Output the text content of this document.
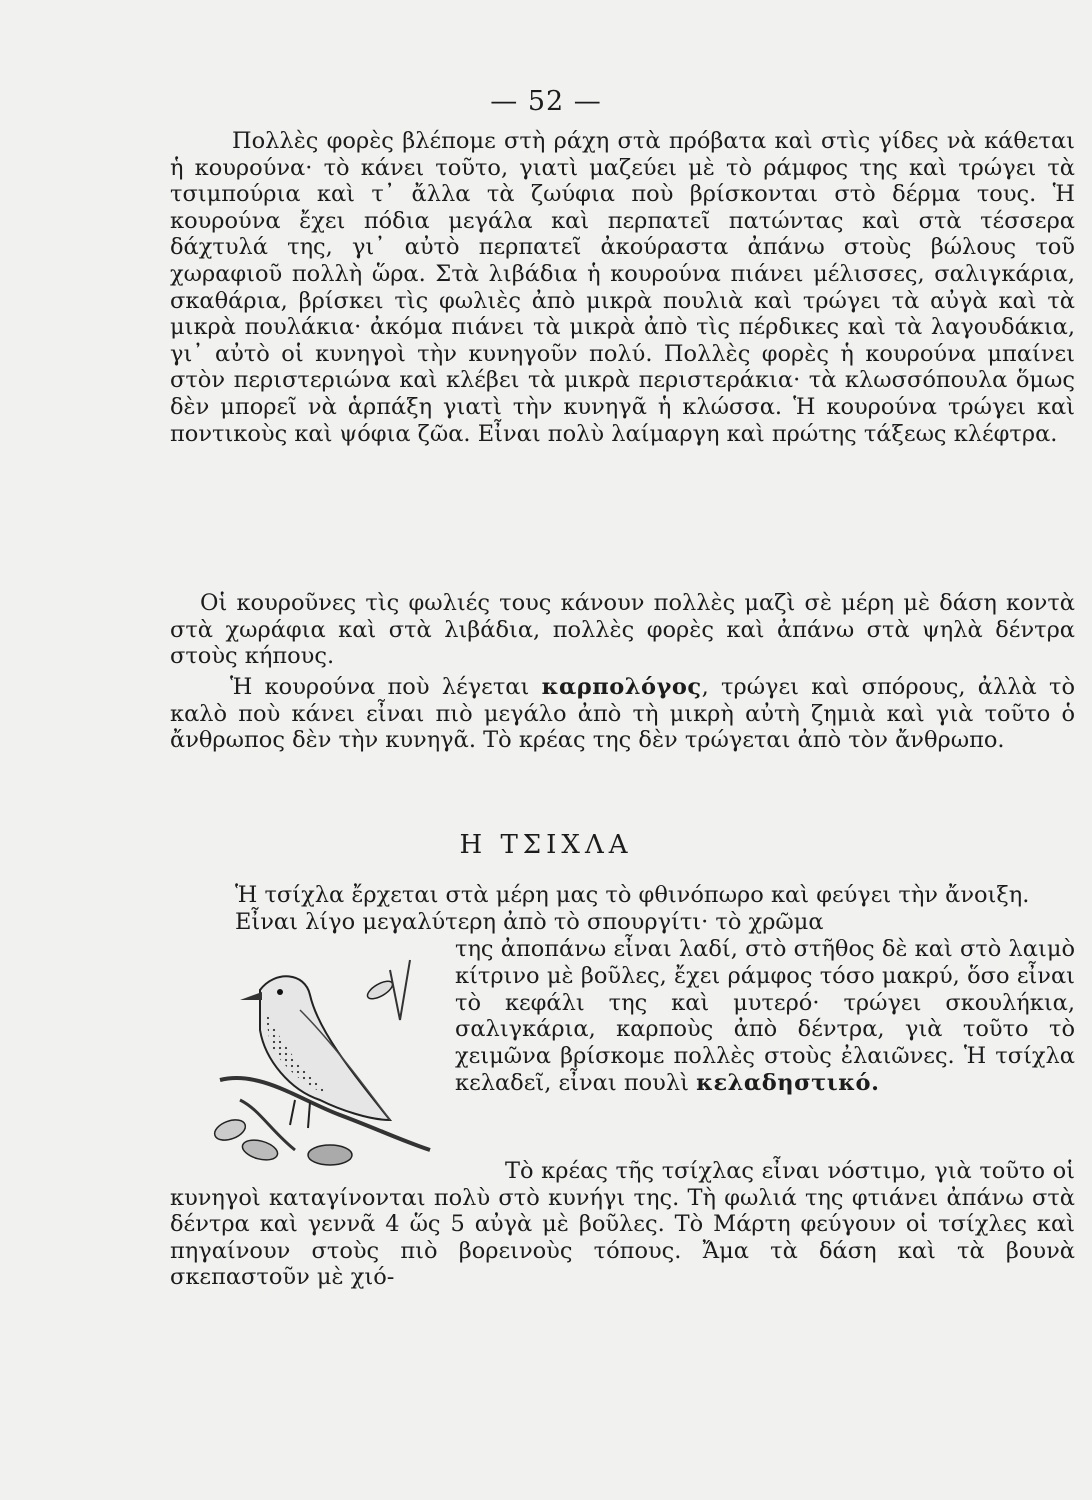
— 52 —
Πολλὲς φορὲς βλέπομε στὴ ράχη στὰ πρόβατα καὶ στὶς γίδες νὰ κάθεται ἡ κουρούνα· τὸ κάνει τοῦτο, γιατὶ μαζεύει μὲ τὸ ράμφος της καὶ τρώγει τὰ τσιμπούρια καὶ τ᾽ ἄλλα τὰ ζωύφια ποὺ βρίσκονται στὸ δέρμα τους. Ἡ κουρούνα ἔχει πόδια μεγάλα καὶ περπατεῖ πατώντας καὶ στὰ τέσσερα δάχτυλά της, γι᾽ αὐτὸ περπατεῖ ἀκούραστα ἀπάνω στοὺς βώλους τοῦ χωραφιοῦ πολλὴ ὥρα. Στὰ λιβάδια ἡ κουρούνα πιάνει μέλισσες, σαλιγκάρια, σκαθάρια, βρίσκει τὶς φωλιὲς ἀπὸ μικρὰ πουλιὰ καὶ τρώγει τὰ αὐγὰ καὶ τὰ μικρὰ πουλάκια· ἀκόμα πιάνει τὰ μικρὰ ἀπὸ τὶς πέρδικες καὶ τὰ λαγουδάκια, γι᾽ αὐτὸ οἱ κυνηγοὶ τὴν κυνηγοῦν πολύ. Πολλὲς φορὲς ἡ κουρούνα μπαίνει στὸν περιστεριώνα καὶ κλέβει τὰ μικρὰ περιστεράκια· τὰ κλωσσόπουλα ὅμως δὲν μπορεῖ νὰ ἁρπάξη γιατὶ τὴν κυνηγᾶ ἡ κλώσσα. Ἡ κουρούνα τρώγει καὶ ποντικοὺς καὶ ψόφια ζῶα. Εἶναι πολὺ λαίμαργη καὶ πρώτης τάξεως κλέφτρα.
Οἱ κουροῦνες τὶς φωλιές τους κάνουν πολλὲς μαζὶ σὲ μέρη μὲ δάση κοντὰ στὰ χωράφια καὶ στὰ λιβάδια, πολλὲς φορὲς καὶ ἀπάνω στὰ ψηλὰ δέντρα στοὺς κήπους.
Ἡ κουρούνα ποὺ λέγεται καρπολόγος, τρώγει καὶ σπόρους, ἀλλὰ τὸ καλὸ ποὺ κάνει εἶναι πιὸ μεγάλο ἀπὸ τὴ μικρὴ αὐτὴ ζημιὰ καὶ γιὰ τοῦτο ὁ ἄνθρωπος δὲν τὴν κυνηγᾶ. Τὸ κρέας της δὲν τρώγεται ἀπὸ τὸν ἄνθρωπο.
Η ΤΣΙΧΛΑ
Ἡ τσίχλα ἔρχεται στὰ μέρη μας τὸ φθινόπωρο καὶ φεύγει τὴν ἄνοιξη. Εἶναι λίγο μεγαλύτερη ἀπὸ τὸ σπουργίτι· τὸ χρῶμα
της ἀποπάνω εἶναι λαδί, στὸ στῆθος δὲ καὶ στὸ λαιμὸ κίτρινο μὲ βοῦλες, ἔχει ράμφος τόσο μακρύ, ὅσο εἶναι τὸ κεφάλι της καὶ μυτερό· τρώγει σκουλήκια, σαλιγκάρια, καρποὺς ἀπὸ δέντρα, γιὰ τοῦτο τὸ χειμῶνα βρίσκομε πολλὲς στοὺς ἐλαιῶνες. Ἡ τσίχλα κελαδεῖ, εἶναι πουλὶ κελαδηστικό.
Τὸ κρέας τῆς τσίχλας εἶναι νόστιμο, γιὰ τοῦτο οἱ κυνηγοὶ καταγίνονται πολὺ στὸ κυνήγι της. Τὴ φωλιά της φτιάνει ἀπάνω στὰ δέντρα καὶ γεννᾶ 4 ὥς 5 αὐγὰ μὲ βοῦλες. Τὸ Μάρτη φεύγουν οἱ τσίχλες καὶ πηγαίνουν στοὺς πιὸ βορεινοὺς τόπους. Ἄμα τὰ δάση καὶ τὰ βουνὰ σκεπαστοῦν μὲ χιό-
